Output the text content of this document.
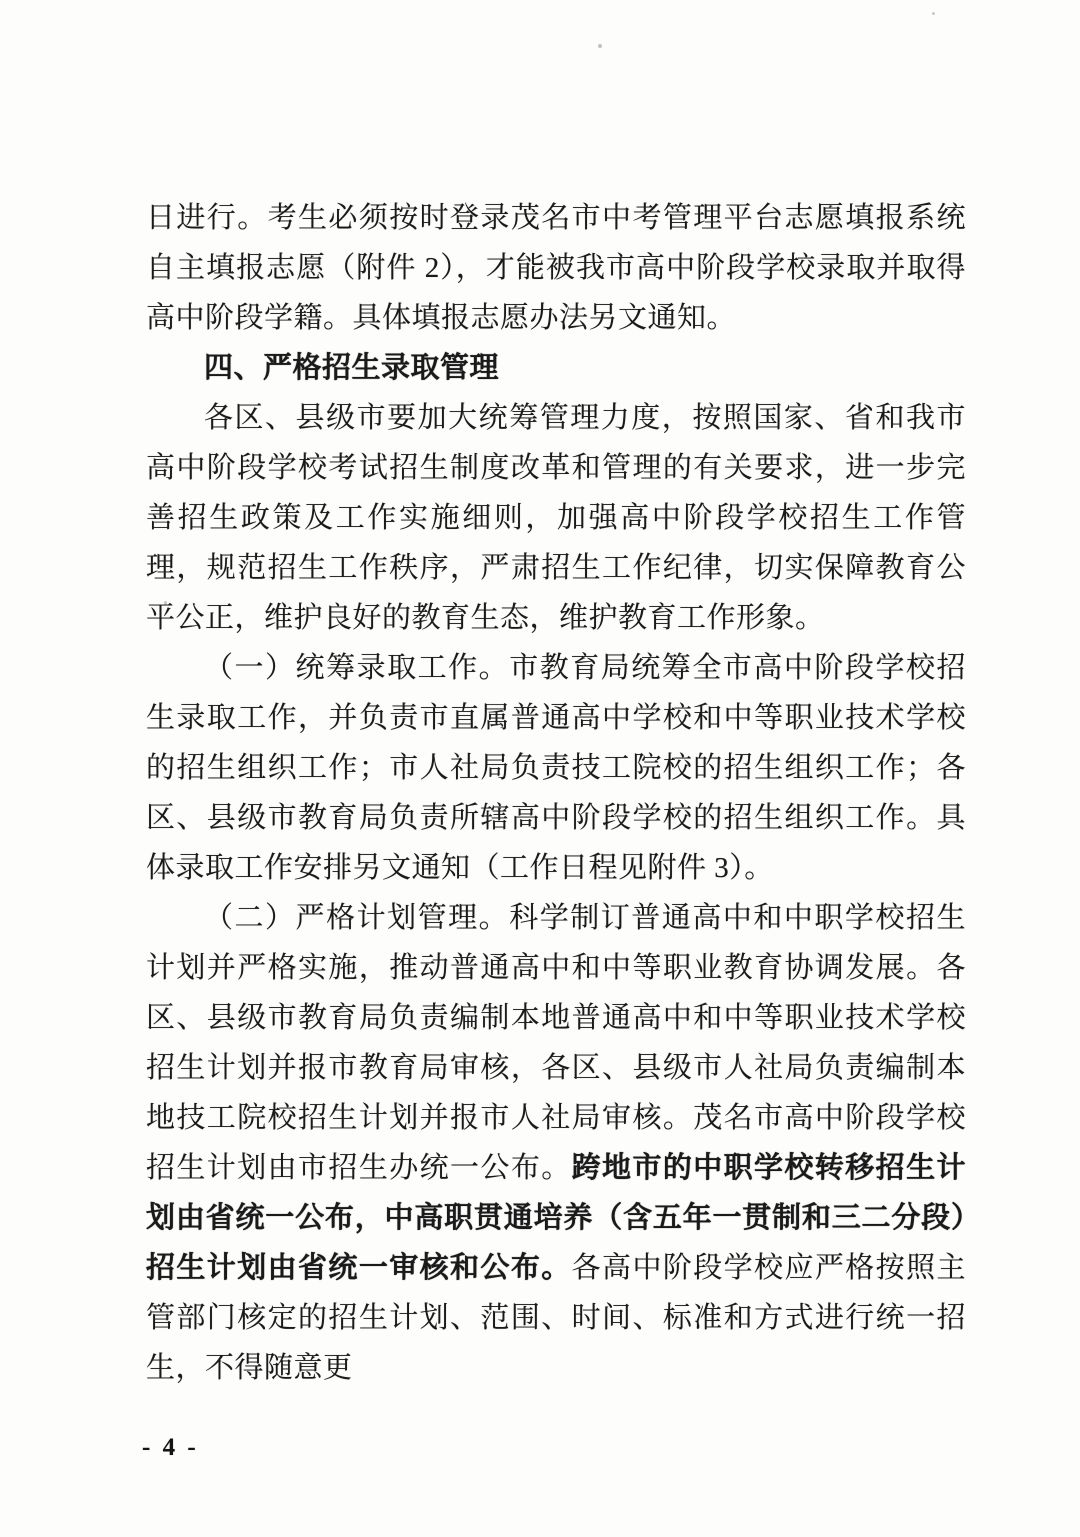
日进行。考生必须按时登录茂名市中考管理平台志愿填报系统自主填报志愿（附件 2），才能被我市高中阶段学校录取并取得高中阶段学籍。具体填报志愿办法另文通知。

四、严格招生录取管理

各区、县级市要加大统筹管理力度，按照国家、省和我市高中阶段学校考试招生制度改革和管理的有关要求，进一步完善招生政策及工作实施细则，加强高中阶段学校招生工作管理，规范招生工作秩序，严肃招生工作纪律，切实保障教育公平公正，维护良好的教育生态，维护教育工作形象。

（一）统筹录取工作。市教育局统筹全市高中阶段学校招生录取工作，并负责市直属普通高中学校和中等职业技术学校的招生组织工作；市人社局负责技工院校的招生组织工作；各区、县级市教育局负责所辖高中阶段学校的招生组织工作。具体录取工作安排另文通知（工作日程见附件 3）。

（二）严格计划管理。科学制订普通高中和中职学校招生计划并严格实施，推动普通高中和中等职业教育协调发展。各区、县级市教育局负责编制本地普通高中和中等职业技术学校招生计划并报市教育局审核，各区、县级市人社局负责编制本地技工院校招生计划并报市人社局审核。茂名市高中阶段学校招生计划由市招生办统一公布。跨地市的中职学校转移招生计划由省统一公布，中高职贯通培养（含五年一贯制和三二分段）招生计划由省统一审核和公布。各高中阶段学校应严格按照主管部门核定的招生计划、范围、时间、标准和方式进行统一招生，不得随意更

- 4 -
